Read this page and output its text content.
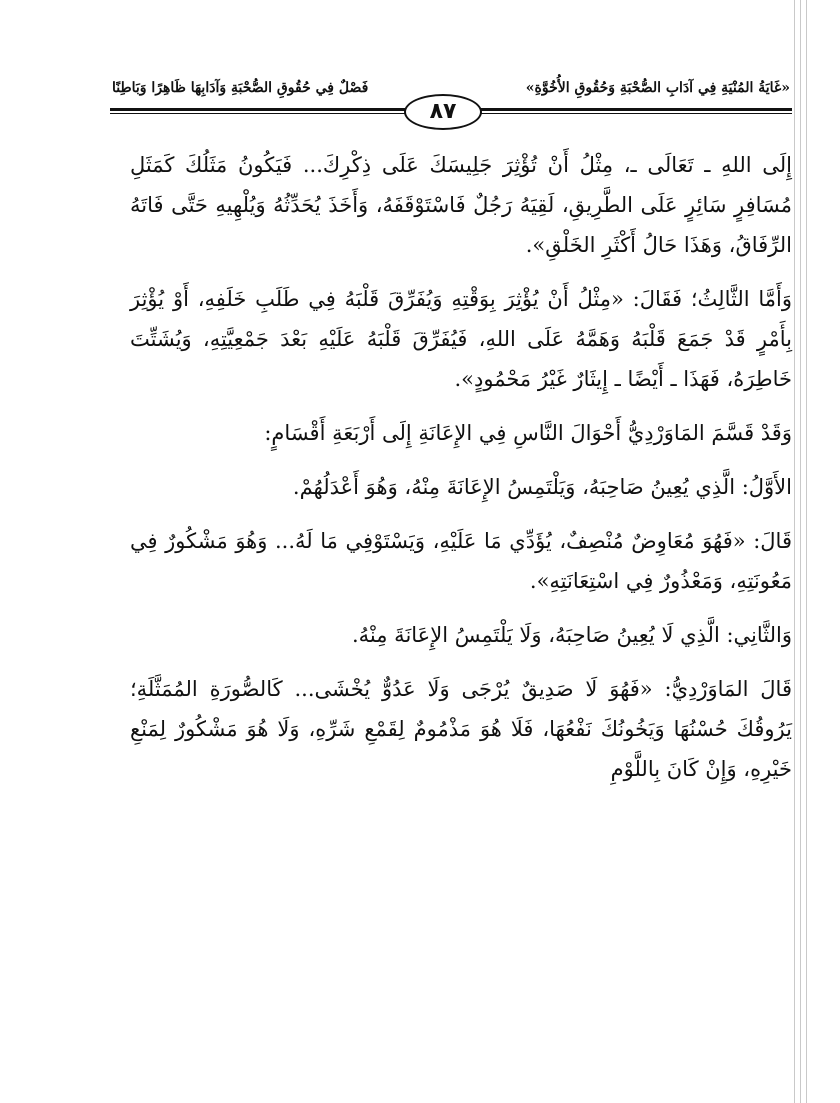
«غَايَةُ المُنْيَةِ فِي آدَابِ الصُّحْبَةِ وَحُقُوقِ الأُخُوَّةِ»
فَصْلٌ فِي حُقُوقِ الصُّحْبَةِ وَآدَابِهَا ظَاهِرًا وَبَاطِنًا
٨٧

إِلَى اللهِ ـ تَعَالَى ـ، مِثْلُ أَنْ تُؤْثِرَ جَلِيسَكَ عَلَى ذِكْرِكَ... فَيَكُونُ مَثَلُكَ كَمَثَلِ مُسَافِرٍ سَائِرٍ عَلَى الطَّرِيقِ، لَقِيَهُ رَجُلٌ فَاسْتَوْقَفَهُ، وَأَخَذَ يُحَدِّثُهُ وَيُلْهِيهِ حَتَّى فَاتَهُ الرِّفَاقُ، وَهَذَا حَالُ أَكْثَرِ الخَلْقِ».

وَأَمَّا الثَّالِثُ؛ فَقَالَ: «مِثْلُ أَنْ يُؤْثِرَ بِوَقْتِهِ وَيُفَرِّقَ قَلْبَهُ فِي طَلَبِ خَلَفِهِ، أَوْ يُؤْثِرَ بِأَمْرٍ قَدْ جَمَعَ قَلْبَهُ وَهَمَّهُ عَلَى اللهِ، فَيُفَرِّقَ قَلْبَهُ عَلَيْهِ بَعْدَ جَمْعِيَّتِهِ، وَيُشَتِّتَ خَاطِرَهُ، فَهَذَا ـ أَيْضًا ـ إِيثَارٌ غَيْرُ مَحْمُودٍ».

وَقَدْ قَسَّمَ المَاوَرْدِيُّ أَحْوَالَ النَّاسِ فِي الإِعَانَةِ إِلَى أَرْبَعَةِ أَقْسَامٍ:

الأَوَّلُ: الَّذِي يُعِينُ صَاحِبَهُ، وَيَلْتَمِسُ الإِعَانَةَ مِنْهُ، وَهُوَ أَعْدَلُهُمْ.

قَالَ: «فَهُوَ مُعَاوِضٌ مُنْصِفٌ، يُؤَدِّي مَا عَلَيْهِ، وَيَسْتَوْفِي مَا لَهُ... وَهُوَ مَشْكُورٌ فِي مَعُونَتِهِ، وَمَعْذُورٌ فِي اسْتِعَانَتِهِ».

وَالثَّانِي: الَّذِي لَا يُعِينُ صَاحِبَهُ، وَلَا يَلْتَمِسُ الإِعَانَةَ مِنْهُ.

قَالَ المَاوَرْدِيُّ: «فَهُوَ لَا صَدِيقٌ يُرْجَى وَلَا عَدُوٌّ يُخْشَى... كَالصُّورَةِ المُمَثَّلَةِ؛ يَرُوقُكَ حُسْنُهَا وَيَخُونُكَ نَفْعُهَا، فَلَا هُوَ مَذْمُومٌ لِقَمْعِ شَرِّهِ، وَلَا هُوَ مَشْكُورٌ لِمَنْعِ خَيْرِهِ، وَإِنْ كَانَ بِاللَّوْمِ
